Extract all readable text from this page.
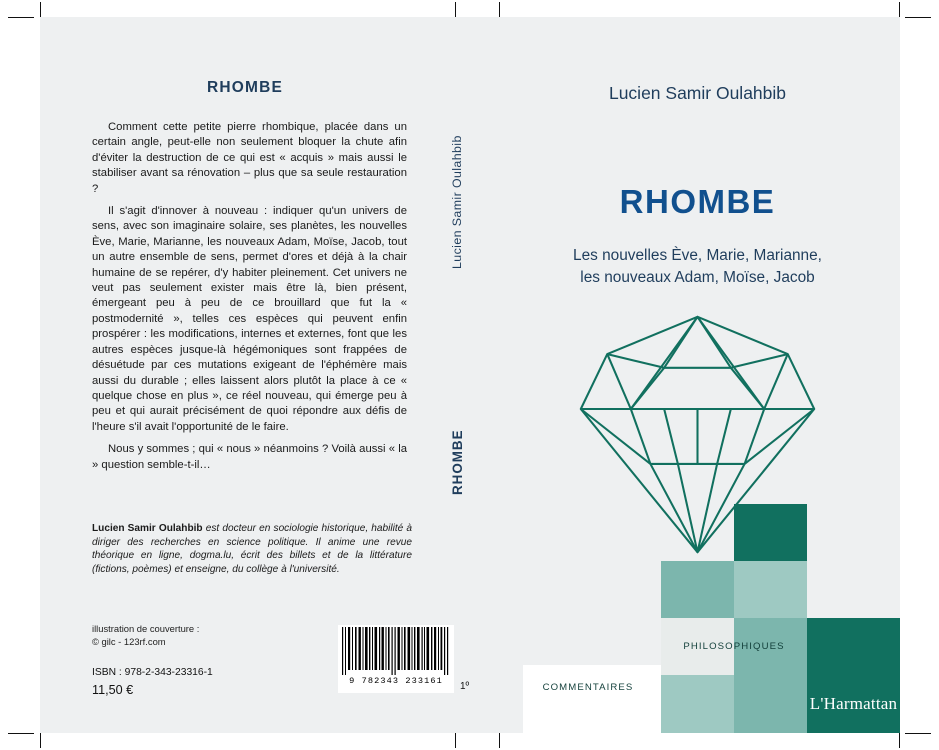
RHOMBE

Comment cette petite pierre rhombique, placée dans un certain angle, peut-elle non seulement bloquer la chute afin d'éviter la destruction de ce qui est « acquis » mais aussi le stabiliser avant sa rénovation – plus que sa seule restauration ?

Il s'agit d'innover à nouveau : indiquer qu'un univers de sens, avec son imaginaire solaire, ses planètes, les nouvelles Ève, Marie, Marianne, les nouveaux Adam, Moïse, Jacob, tout un autre ensemble de sens, permet d'ores et déjà à la chair humaine de se repérer, d'y habiter pleinement. Cet univers ne veut pas seulement exister mais être là, bien présent, émergeant peu à peu de ce brouillard que fut la « postmodernité », telles ces espèces qui peuvent enfin prospérer : les modifications, internes et externes, font que les autres espèces jusque-là hégémoniques sont frappées de désuétude par ces mutations exigeant de l'éphémère mais aussi du durable ; elles laissent alors plutôt la place à ce « quelque chose en plus », ce réel nouveau, qui émerge peu à peu et qui aurait précisément de quoi répondre aux défis de l'heure s'il avait l'opportunité de le faire.

Nous y sommes ; qui « nous » néanmoins ? Voilà aussi « la » question semble-t-il…

Lucien Samir Oulahbib est docteur en sociologie historique, habilité à diriger des recherches en science politique. Il anime une revue théorique en ligne, dogma.lu, écrit des billets et de la littérature (fictions, poèmes) et enseigne, du collège à l'université.
illustration de couverture :
© gilc - 123rf.com
ISBN : 978-2-343-23316-1
11,50 €
9 782343 233161	1º
Lucien Samir Oulahbib
RHOMBE
Lucien Samir Oulahbib
RHOMBE
Les nouvelles Ève, Marie, Marianne,
les nouveaux Adam, Moïse, Jacob
PHILOSOPHIQUES
COMMENTAIRES
L'Harmattan
